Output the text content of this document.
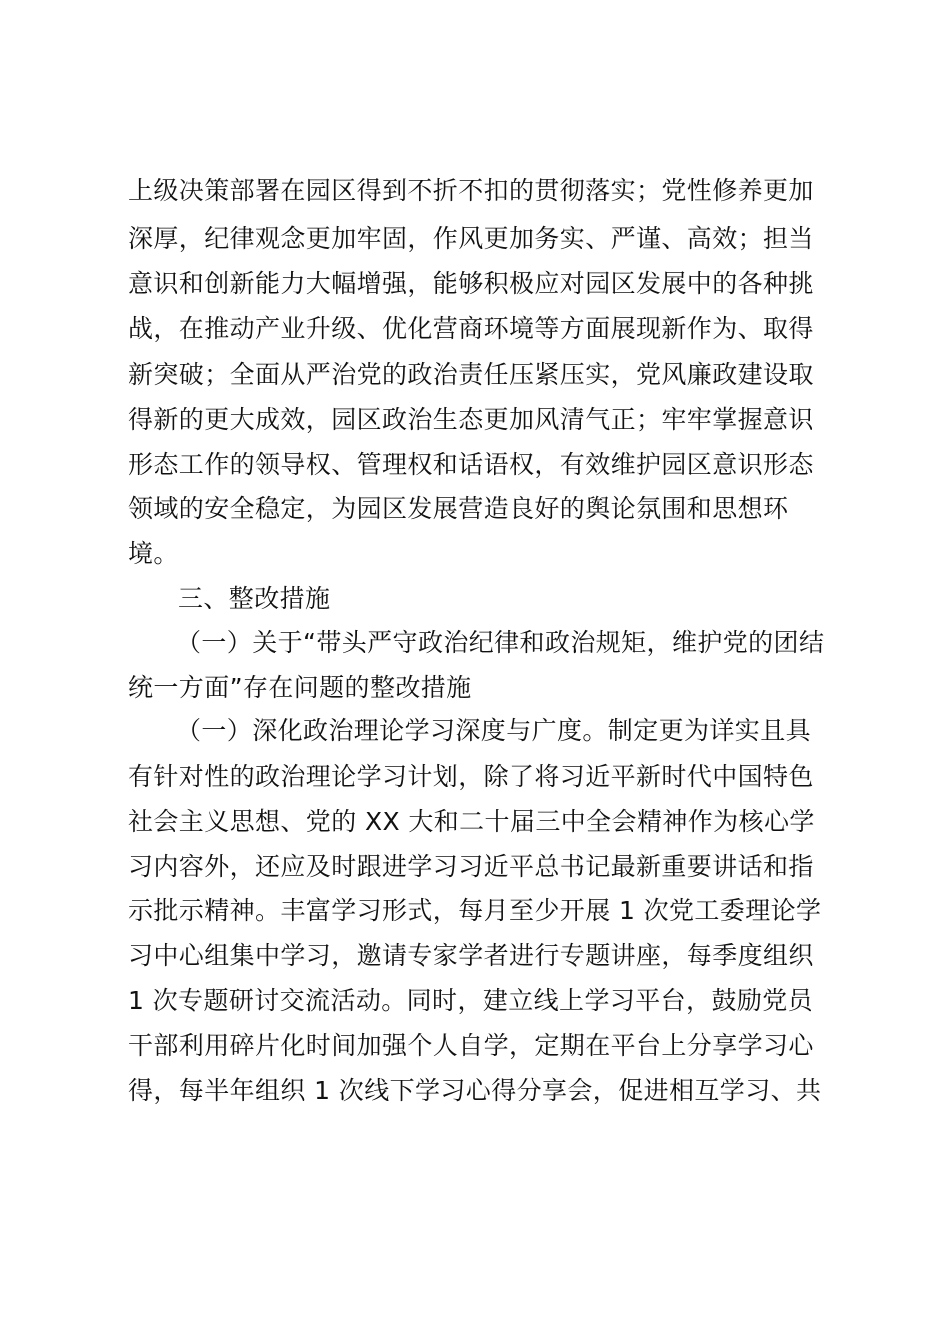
上级决策部署在园区得到不折不扣的贯彻落实；党性修养更加
深厚，纪律观念更加牢固，作风更加务实、严谨、高效；担当
意识和创新能力大幅增强，能够积极应对园区发展中的各种挑
战，在推动产业升级、优化营商环境等方面展现新作为、取得
新突破；全面从严治党的政治责任压紧压实，党风廉政建设取
得新的更大成效，园区政治生态更加风清气正；牢牢掌握意识
形态工作的领导权、管理权和话语权，有效维护园区意识形态
领域的安全稳定，为园区发展营造良好的舆论氛围和思想环
境。
三、整改措施
（一）关于“带头严守政治纪律和政治规矩，维护党的团结
统一方面”存在问题的整改措施
（一）深化政治理论学习深度与广度。制定更为详实且具
有针对性的政治理论学习计划，除了将习近平新时代中国特色
社会主义思想、党的 XX 大和二十届三中全会精神作为核心学
习内容外，还应及时跟进学习习近平总书记最新重要讲话和指
示批示精神。丰富学习形式，每月至少开展 1 次党工委理论学
习中心组集中学习，邀请专家学者进行专题讲座，每季度组织
1 次专题研讨交流活动。同时，建立线上学习平台，鼓励党员
干部利用碎片化时间加强个人自学，定期在平台上分享学习心
得，每半年组织 1 次线下学习心得分享会，促进相互学习、共
